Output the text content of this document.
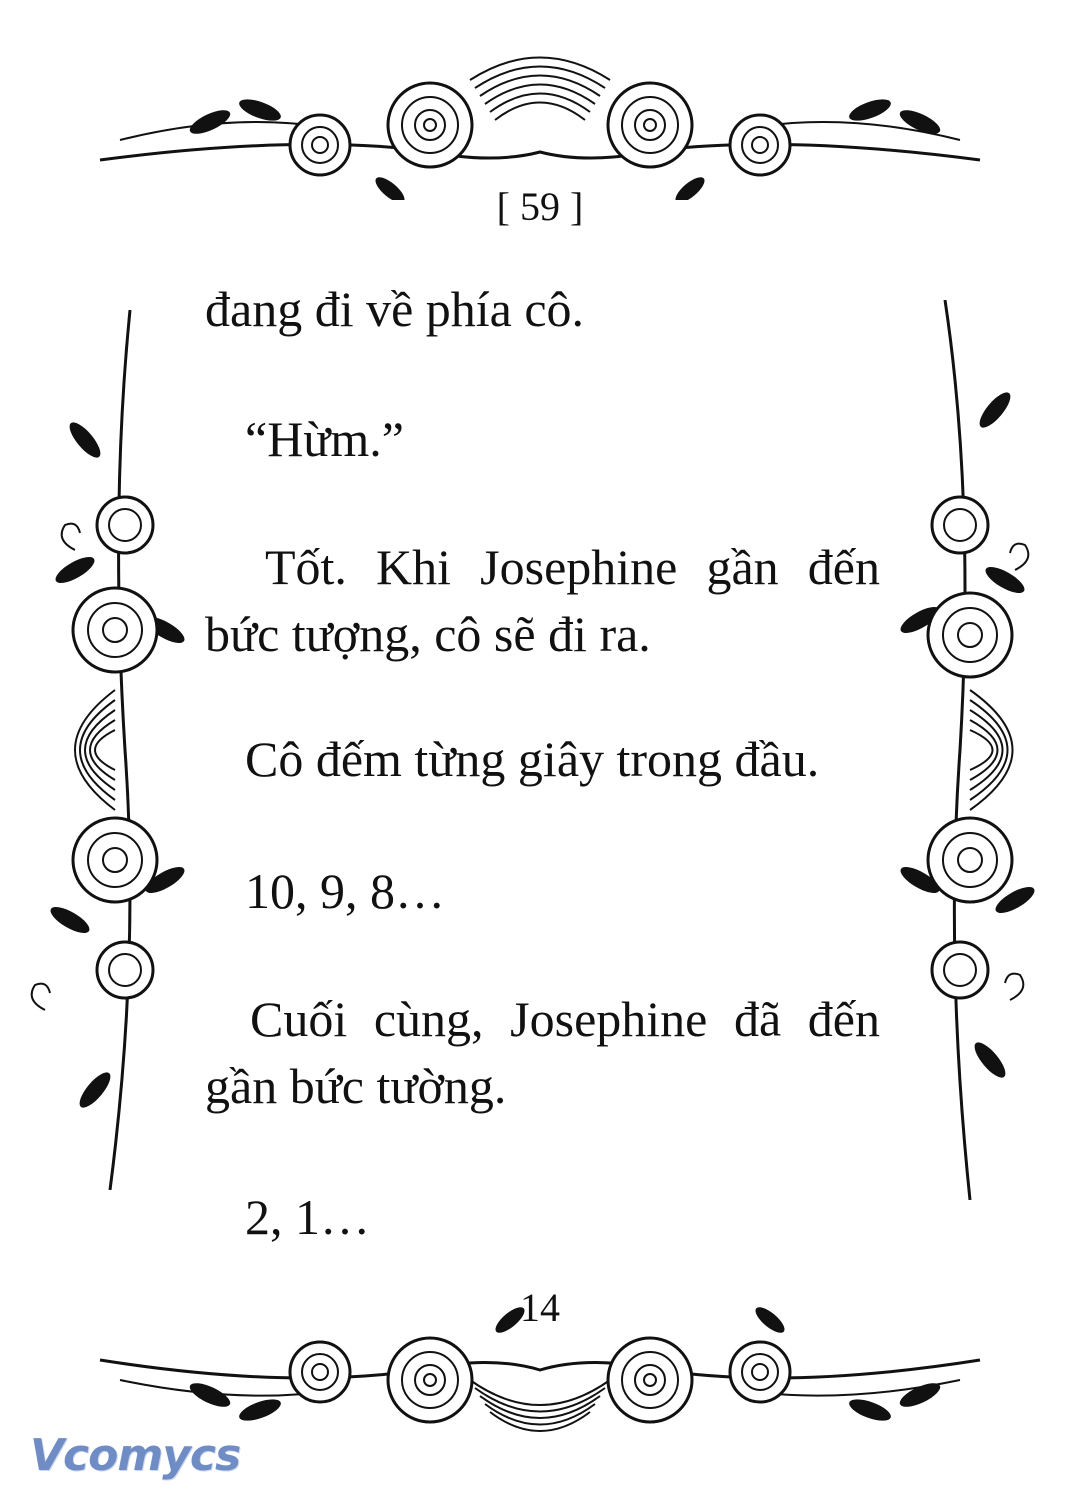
[ 59 ]
đang đi về phía cô.
“Hừm.”
Tốt. Khi Josephine gần đến bức tượng, cô sẽ đi ra.
Cô đếm từng giây trong đầu.
10, 9, 8…
Cuối cùng, Josephine đã đến gần bức tường.
2, 1…
14
Vcomycs
